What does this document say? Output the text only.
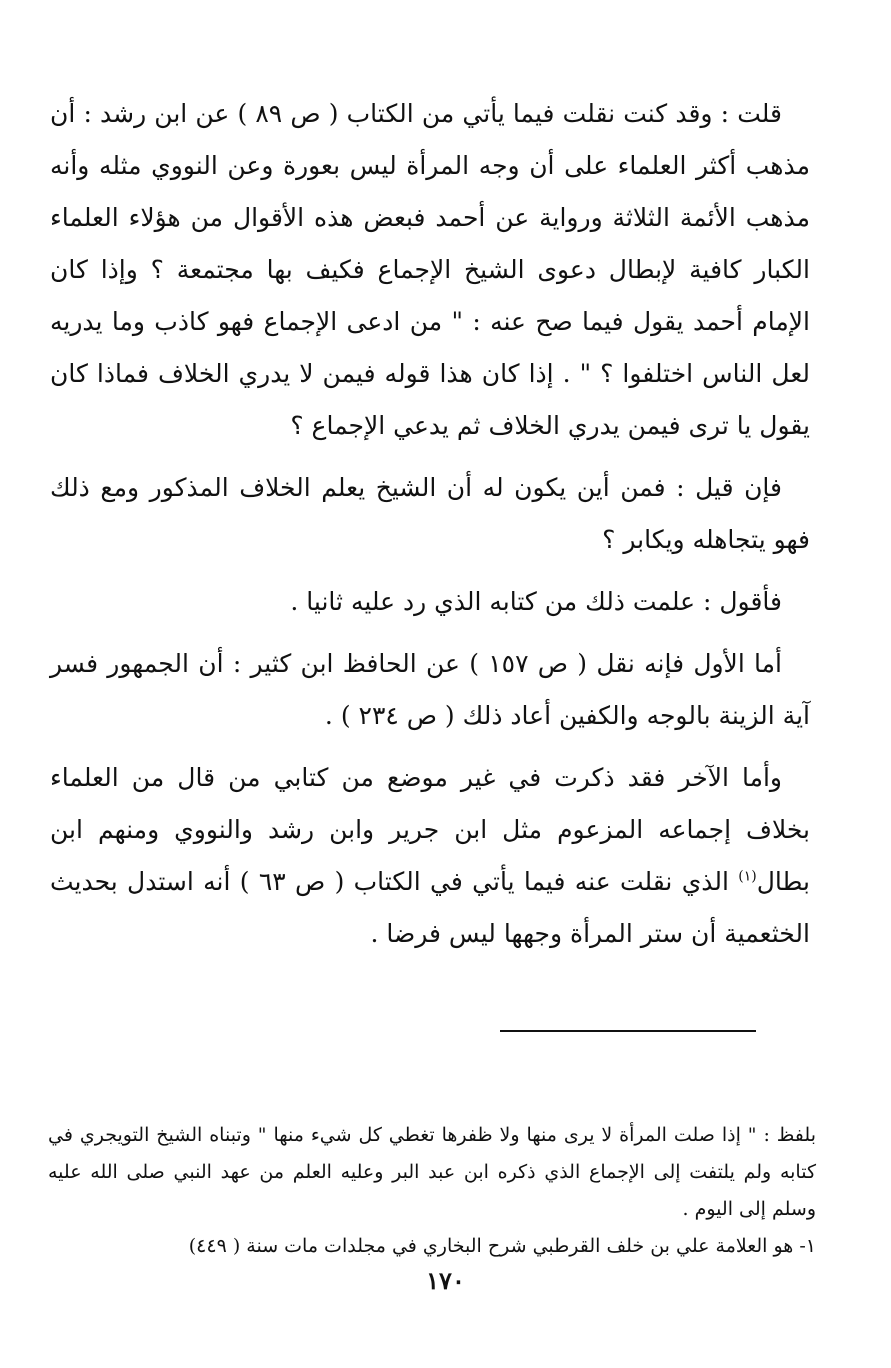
قلت : وقد كنت نقلت فيما يأتي من الكتاب ( ص ٨٩ ) عن ابن رشد : أن مذهب أكثر العلماء على أن وجه المرأة ليس بعورة وعن النووي مثله وأنه مذهب الأئمة الثلاثة ورواية عن أحمد فبعض هذه الأقوال من هؤلاء العلماء الكبار كافية لإبطال دعوى الشيخ الإجماع فكيف بها مجتمعة ؟ وإذا كان الإمام أحمد يقول فيما صح عنه : " من ادعى الإجماع فهو كاذب وما يدريه لعل الناس اختلفوا ؟ " . إذا كان هذا قوله فيمن لا يدري الخلاف فماذا كان يقول يا ترى فيمن يدري الخلاف ثم يدعي الإجماع ؟

فإن قيل : فمن أين يكون له أن الشيخ يعلم الخلاف المذكور ومع ذلك فهو يتجاهله ويكابر ؟

فأقول : علمت ذلك من كتابه الذي رد عليه ثانيا .

أما الأول فإنه نقل ( ص ١٥٧ ) عن الحافظ ابن كثير : أن الجمهور فسر آية الزينة بالوجه والكفين أعاد ذلك ( ص ٢٣٤ ) .

وأما الآخر فقد ذكرت في غير موضع من كتابي من قال من العلماء بخلاف إجماعه المزعوم مثل ابن جرير وابن رشد والنووي ومنهم ابن بطال$^{(١)}$ الذي نقلت عنه فيما يأتي في الكتاب ( ص ٦٣ ) أنه استدل بحديث الخثعمية أن ستر المرأة وجهها ليس فرضا .

بلفظ : " إذا صلت المرأة لا يرى منها ولا ظفرها تغطي كل شيء منها " وتبناه الشيخ التويجري في كتابه ولم يلتفت إلى الإجماع الذي ذكره ابن عبد البر وعليه العلم من عهد النبي صلى الله عليه وسلم إلى اليوم .

١- هو العلامة علي بن خلف القرطبي شرح البخاري في مجلدات مات سنة ( ٤٤٩)

١٧٠
